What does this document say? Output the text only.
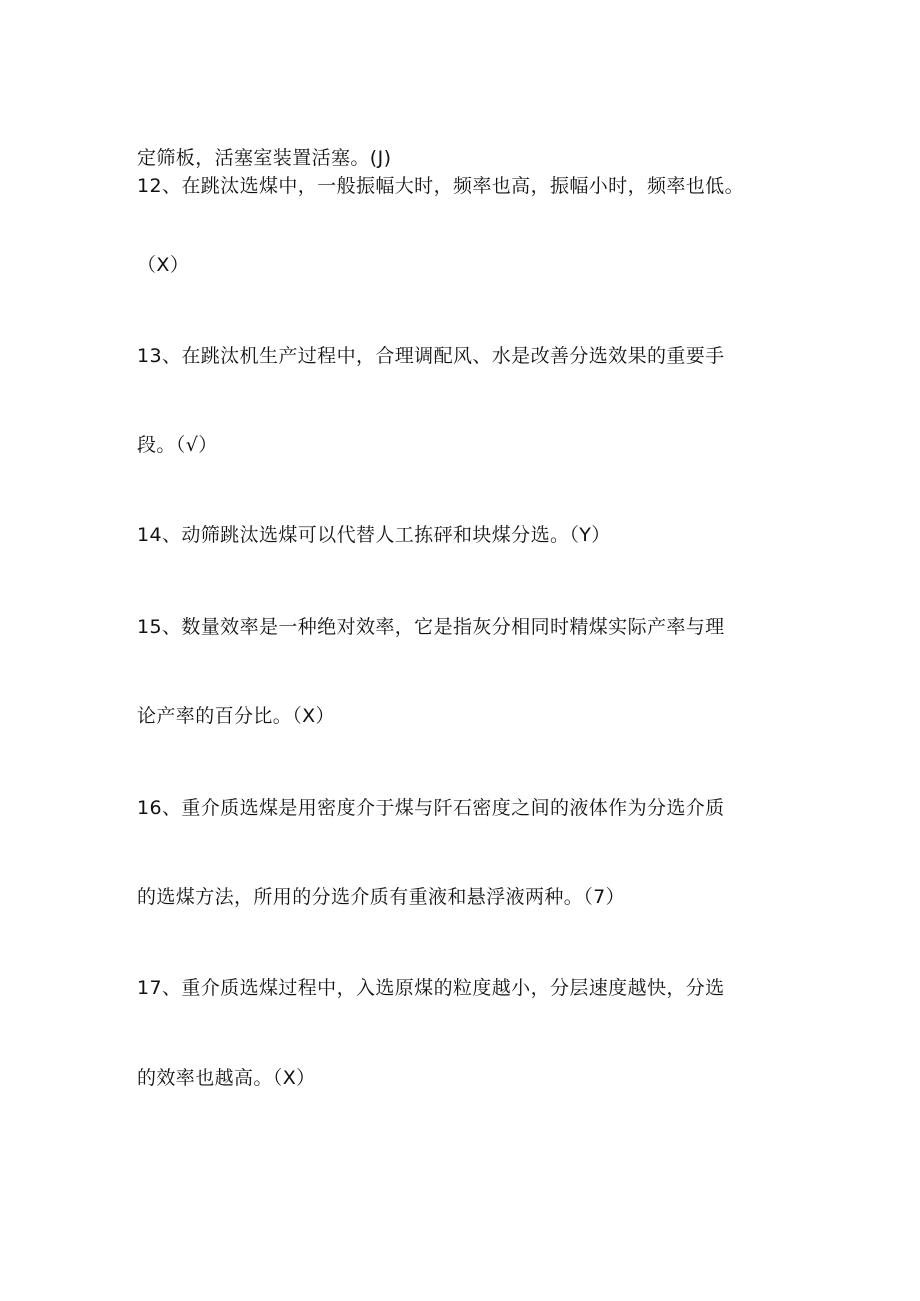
定筛板，活塞室装置活塞。(J)

12、在跳汰选煤中，一般振幅大时，频率也高，振幅小时，频率也低。

（X）

13、在跳汰机生产过程中，合理调配风、水是改善分选效果的重要手

段。（√）

14、动筛跳汰选煤可以代替人工拣砰和块煤分选。（Y）

15、数量效率是一种绝对效率，它是指灰分相同时精煤实际产率与理

论产率的百分比。（X）

16、重介质选煤是用密度介于煤与阡石密度之间的液体作为分选介质

的选煤方法，所用的分选介质有重液和悬浮液两种。（7）

17、重介质选煤过程中，入选原煤的粒度越小，分层速度越快，分选

的效率也越高。（X）
